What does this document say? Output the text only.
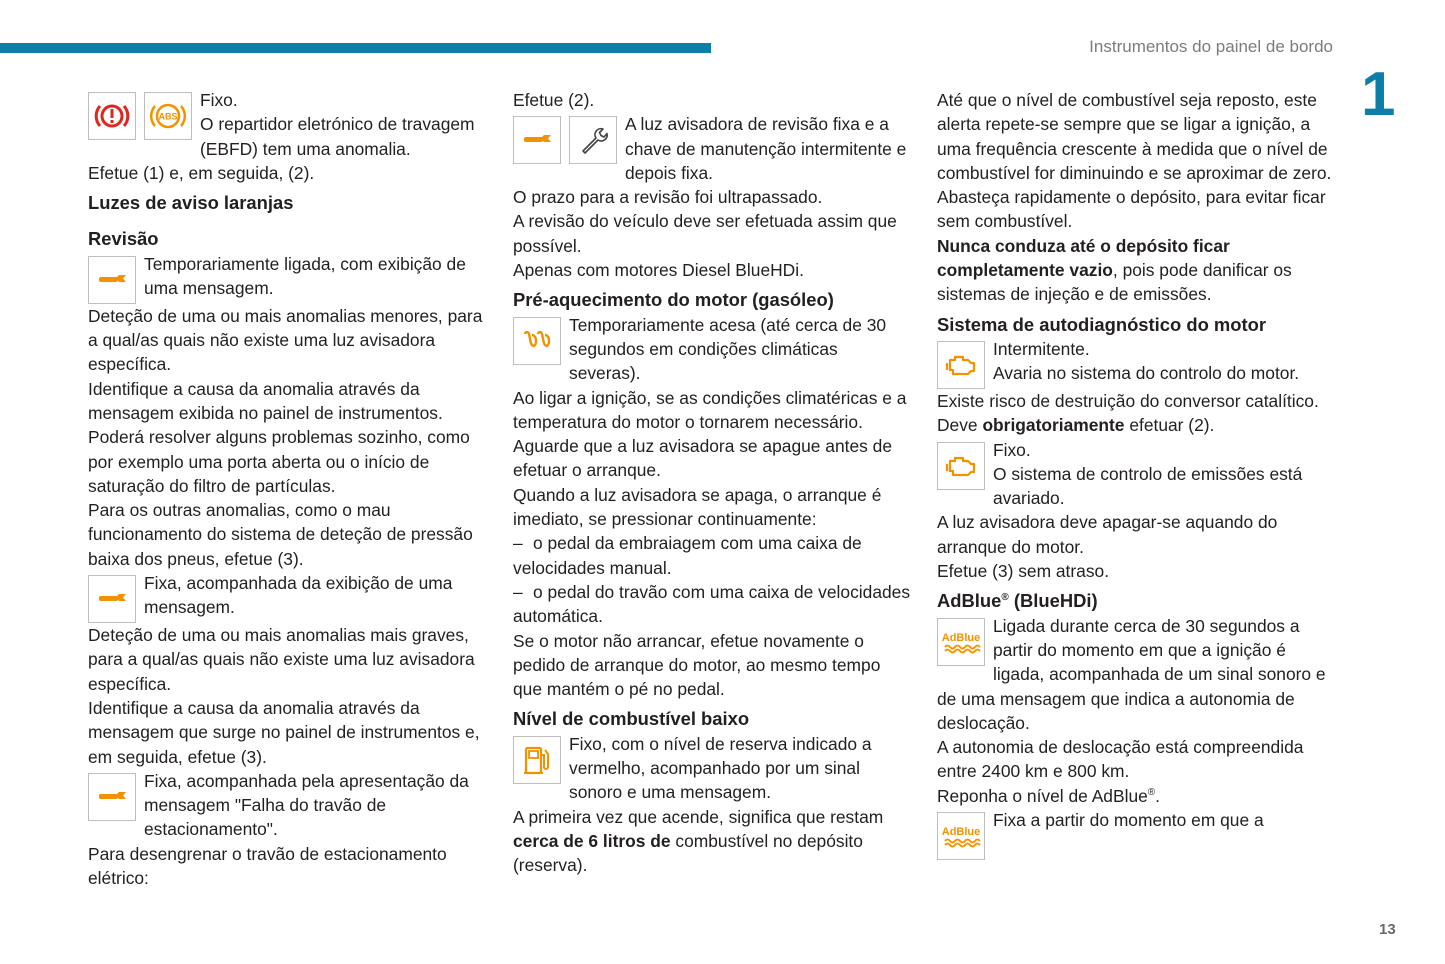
Instrumentos do painel de bordo
1
13
ABS

Fixo.

O repartidor eletrónico de travagem (EBFD) tem uma anomalia.

Efetue (1) e, em seguida, (2).

Luzes de aviso laranjas
Revisão

Temporariamente ligada, com exibição de uma mensagem.

Deteção de uma ou mais anomalias menores, para a qual/as quais não existe uma luz avisadora específica.

Identifique a causa da anomalia através da mensagem exibida no painel de instrumentos.

Poderá resolver alguns problemas sozinho, como por exemplo uma porta aberta ou o início de saturação do filtro de partículas.

Para os outras anomalias, como o mau funcionamento do sistema de deteção de pressão baixa dos pneus, efetue (3).

Fixa, acompanhada da exibição de uma mensagem.

Deteção de uma ou mais anomalias mais graves, para a qual/as quais não existe uma luz avisadora específica.

Identifique a causa da anomalia através da mensagem que surge no painel de instrumentos e, em seguida, efetue (3).

Fixa, acompanhada pela apresentação da mensagem "Falha do travão de estacionamento".

Para desengrenar o travão de estacionamento elétrico:

Efetue (2).

A luz avisadora de revisão fixa e a chave de manutenção intermitente e depois fixa.

O prazo para a revisão foi ultrapassado.

A revisão do veículo deve ser efetuada assim que possível.

Apenas com motores Diesel BlueHDi.

Pré-aquecimento do motor (gasóleo)

Temporariamente acesa (até cerca de 30 segundos em condições climáticas severas).

Ao ligar a ignição, se as condições climatéricas e a temperatura do motor o tornarem necessário.

Aguarde que a luz avisadora se apague antes de efetuar o arranque.

Quando a luz avisadora se apaga, o arranque é imediato, se pressionar continuamente:

– o pedal da embraiagem com uma caixa de velocidades manual.

– o pedal do travão com uma caixa de velocidades automática.

Se o motor não arrancar, efetue novamente o pedido de arranque do motor, ao mesmo tempo que mantém o pé no pedal.

Nível de combustível baixo

Fixo, com o nível de reserva indicado a vermelho, acompanhado por um sinal sonoro e uma mensagem.

A primeira vez que acende, significa que restam cerca de 6 litros de combustível no depósito (reserva).

Até que o nível de combustível seja reposto, este alerta repete-se sempre que se ligar a ignição, a uma frequência crescente à medida que o nível de combustível for diminuindo e se aproximar de zero.

Abasteça rapidamente o depósito, para evitar ficar sem combustível.

Nunca conduza até o depósito ficar completamente vazio, pois pode danificar os sistemas de injeção e de emissões.

Sistema de autodiagnóstico do motor

Intermitente.

Avaria no sistema do controlo do motor.

Existe risco de destruição do conversor catalítico.

Deve obrigatoriamente efetuar (2).

Fixo.

O sistema de controlo de emissões está avariado.

A luz avisadora deve apagar-se aquando do arranque do motor.

Efetue (3) sem atraso.

AdBlue® (BlueHDi)
AdBlue

Ligada durante cerca de 30 segundos a partir do momento em que a ignição é ligada, acompanhada de um sinal sonoro e de uma mensagem que indica a autonomia de deslocação.

A autonomia de deslocação está compreendida entre 2400 km e 800 km.

Reponha o nível de AdBlue®.

AdBlue

Fixa a partir do momento em que a
